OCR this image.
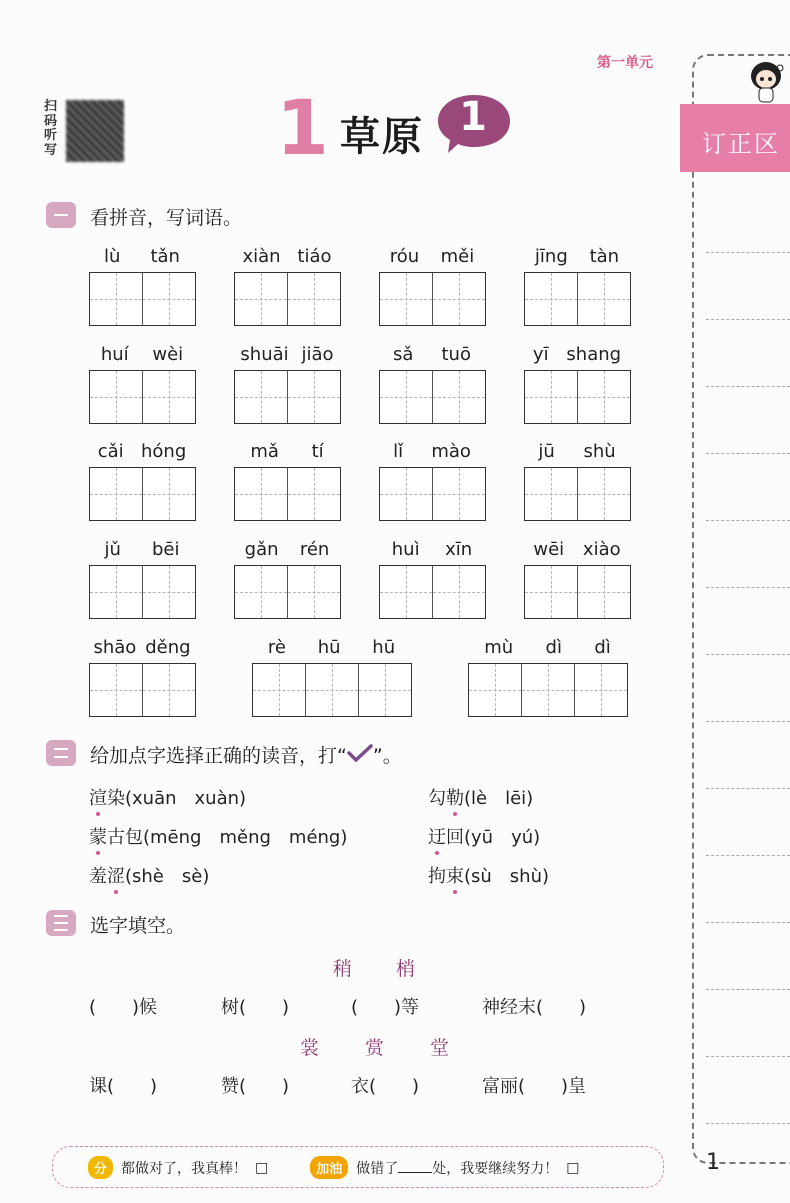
订正区
第一单元
扫码听写	1 草原 1
看拼音，写词语。
lù tǎn	xiàn tiáo	róu měi	jīng tàn
huí wèi	shuāi jiāo	sǎ tuō	yī shang
cǎi hóng	mǎ tí	lǐ mào	jū shù
jǔ bēi	gǎn rén	huì xīn	wēi xiào
shāo děng	rè hū hū	mù dì dì
给加点字选择正确的读音，打“ ”。
渲染(xuān　xuàn)	勾勒(lè　lēi)
蒙古包(mēng　měng　méng)	迂回(yū　yú)
羞涩(shè　sè)	拘束(sù　shù)
选字填空。
稍 梢
(　　)候	树(　　)	(　　)等	神经末(　　)
裳 赏 堂
课(　　)	赞(　　)	衣(　　)	富丽(　　)皇
分	都做对了，我真棒！ □	加油	做错了 处，我要继续努力！ □	1
